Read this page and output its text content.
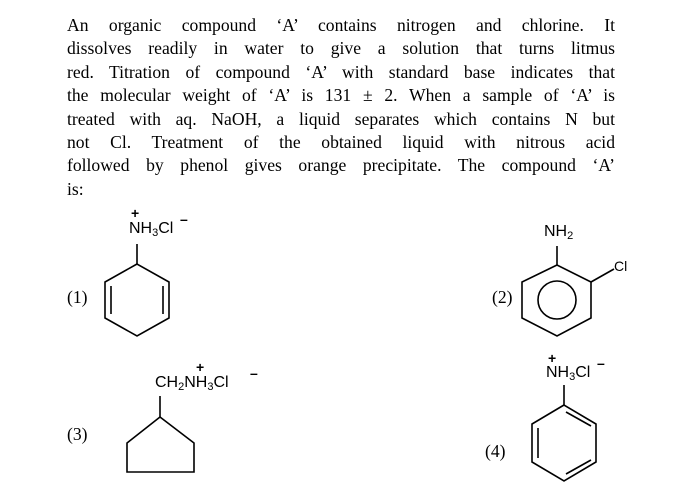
An organic compound ‘A’ contains nitrogen and chlorine. It
dissolves readily in water to give a solution that turns litmus
red. Titration of compound ‘A’ with standard base indicates that
the molecular weight of ‘A’ is 131 ± 2. When a sample of ‘A’ is
treated with aq. NaOH, a liquid separates which contains N but
not Cl. Treatment of the obtained liquid with nitrous acid
followed by phenol gives orange precipitate. The compound ‘A’
is:
(1)	(2)
(3)
(4)
+
$NH_3Cl$
–
$NH_2$
Cl
+
$CH_2NH_3Cl$
–
+
$NH_3Cl$
–
